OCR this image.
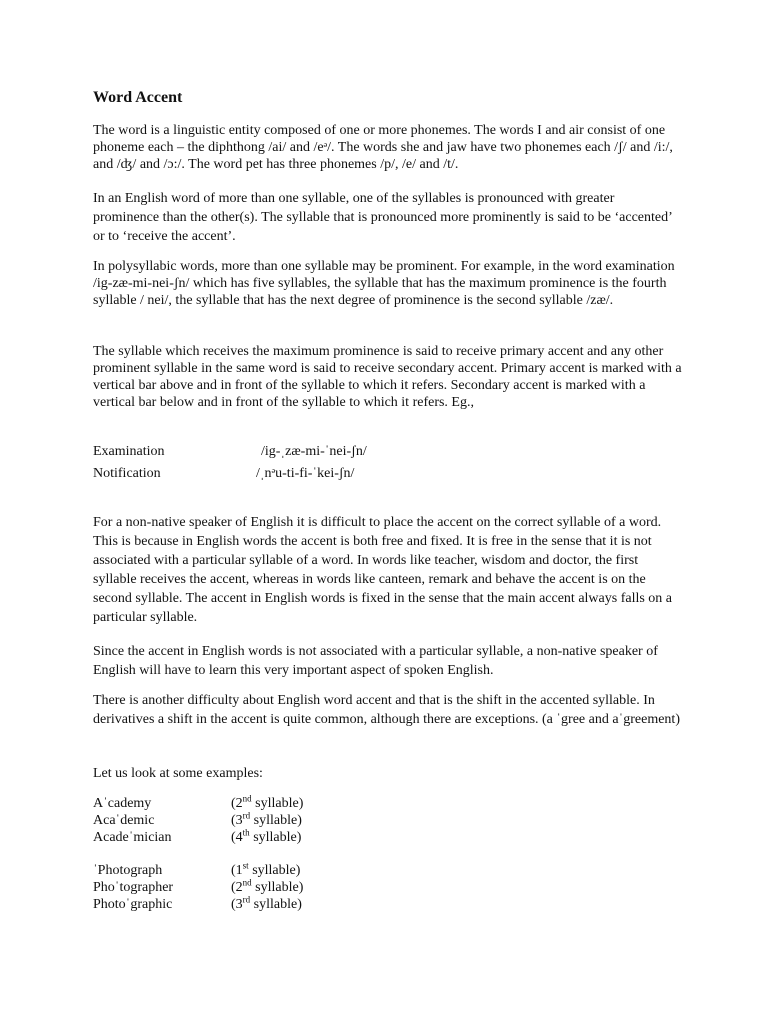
Word Accent

The word is a linguistic entity composed of one or more phonemes. The words I and air consist of one phoneme each – the diphthong /ai/ and /eᵊ/. The words she and jaw have two phonemes each /ʃ/ and /i:/, and /ʤ/ and /ɔ:/. The word pet has three phonemes /p/, /e/ and /t/.

In an English word of more than one syllable, one of the syllables is pronounced with greater prominence than the other(s). The syllable that is pronounced more prominently is said to be ‘accented’ or to ‘receive the accent’.

In polysyllabic words, more than one syllable may be prominent. For example, in the word examination /ig-zæ-mi-nei-ʃn/ which has five syllables, the syllable that has the maximum prominence is the fourth syllable / nei/, the syllable that has the next degree of prominence is the second syllable /zæ/.

The syllable which receives the maximum prominence is said to receive primary accent and any other prominent syllable in the same word is said to receive secondary accent. Primary accent is marked with a vertical bar above and in front of the syllable to which it refers. Secondary accent is marked with a vertical bar below and in front of the syllable to which it refers. Eg.,

Examination	/ig-ˌzæ-mi-ˈnei-ʃn/
Notification	/ˌnᵊu-ti-fi-ˈkei-ʃn/

For a non-native speaker of English it is difficult to place the accent on the correct syllable of a word. This is because in English words the accent is both free and fixed. It is free in the sense that it is not associated with a particular syllable of a word. In words like teacher, wisdom and doctor, the first syllable receives the accent, whereas in words like canteen, remark and behave the accent is on the second syllable. The accent in English words is fixed in the sense that the main accent always falls on a particular syllable.

Since the accent in English words is not associated with a particular syllable, a non-native speaker of English will have to learn this very important aspect of spoken English.

There is another difficulty about English word accent and that is the shift in the accented syllable. In derivatives a shift in the accent is quite common, although there are exceptions. (a ˈgree and aˈgreement)

Let us look at some examples:

Aˈcademy	(2nd syllable)
Acaˈdemic	(3rd syllable)
Acadeˈmician	(4th syllable)
ˈPhotograph	(1st syllable)
Phoˈtographer	(2nd syllable)
Photoˈgraphic	(3rd syllable)
